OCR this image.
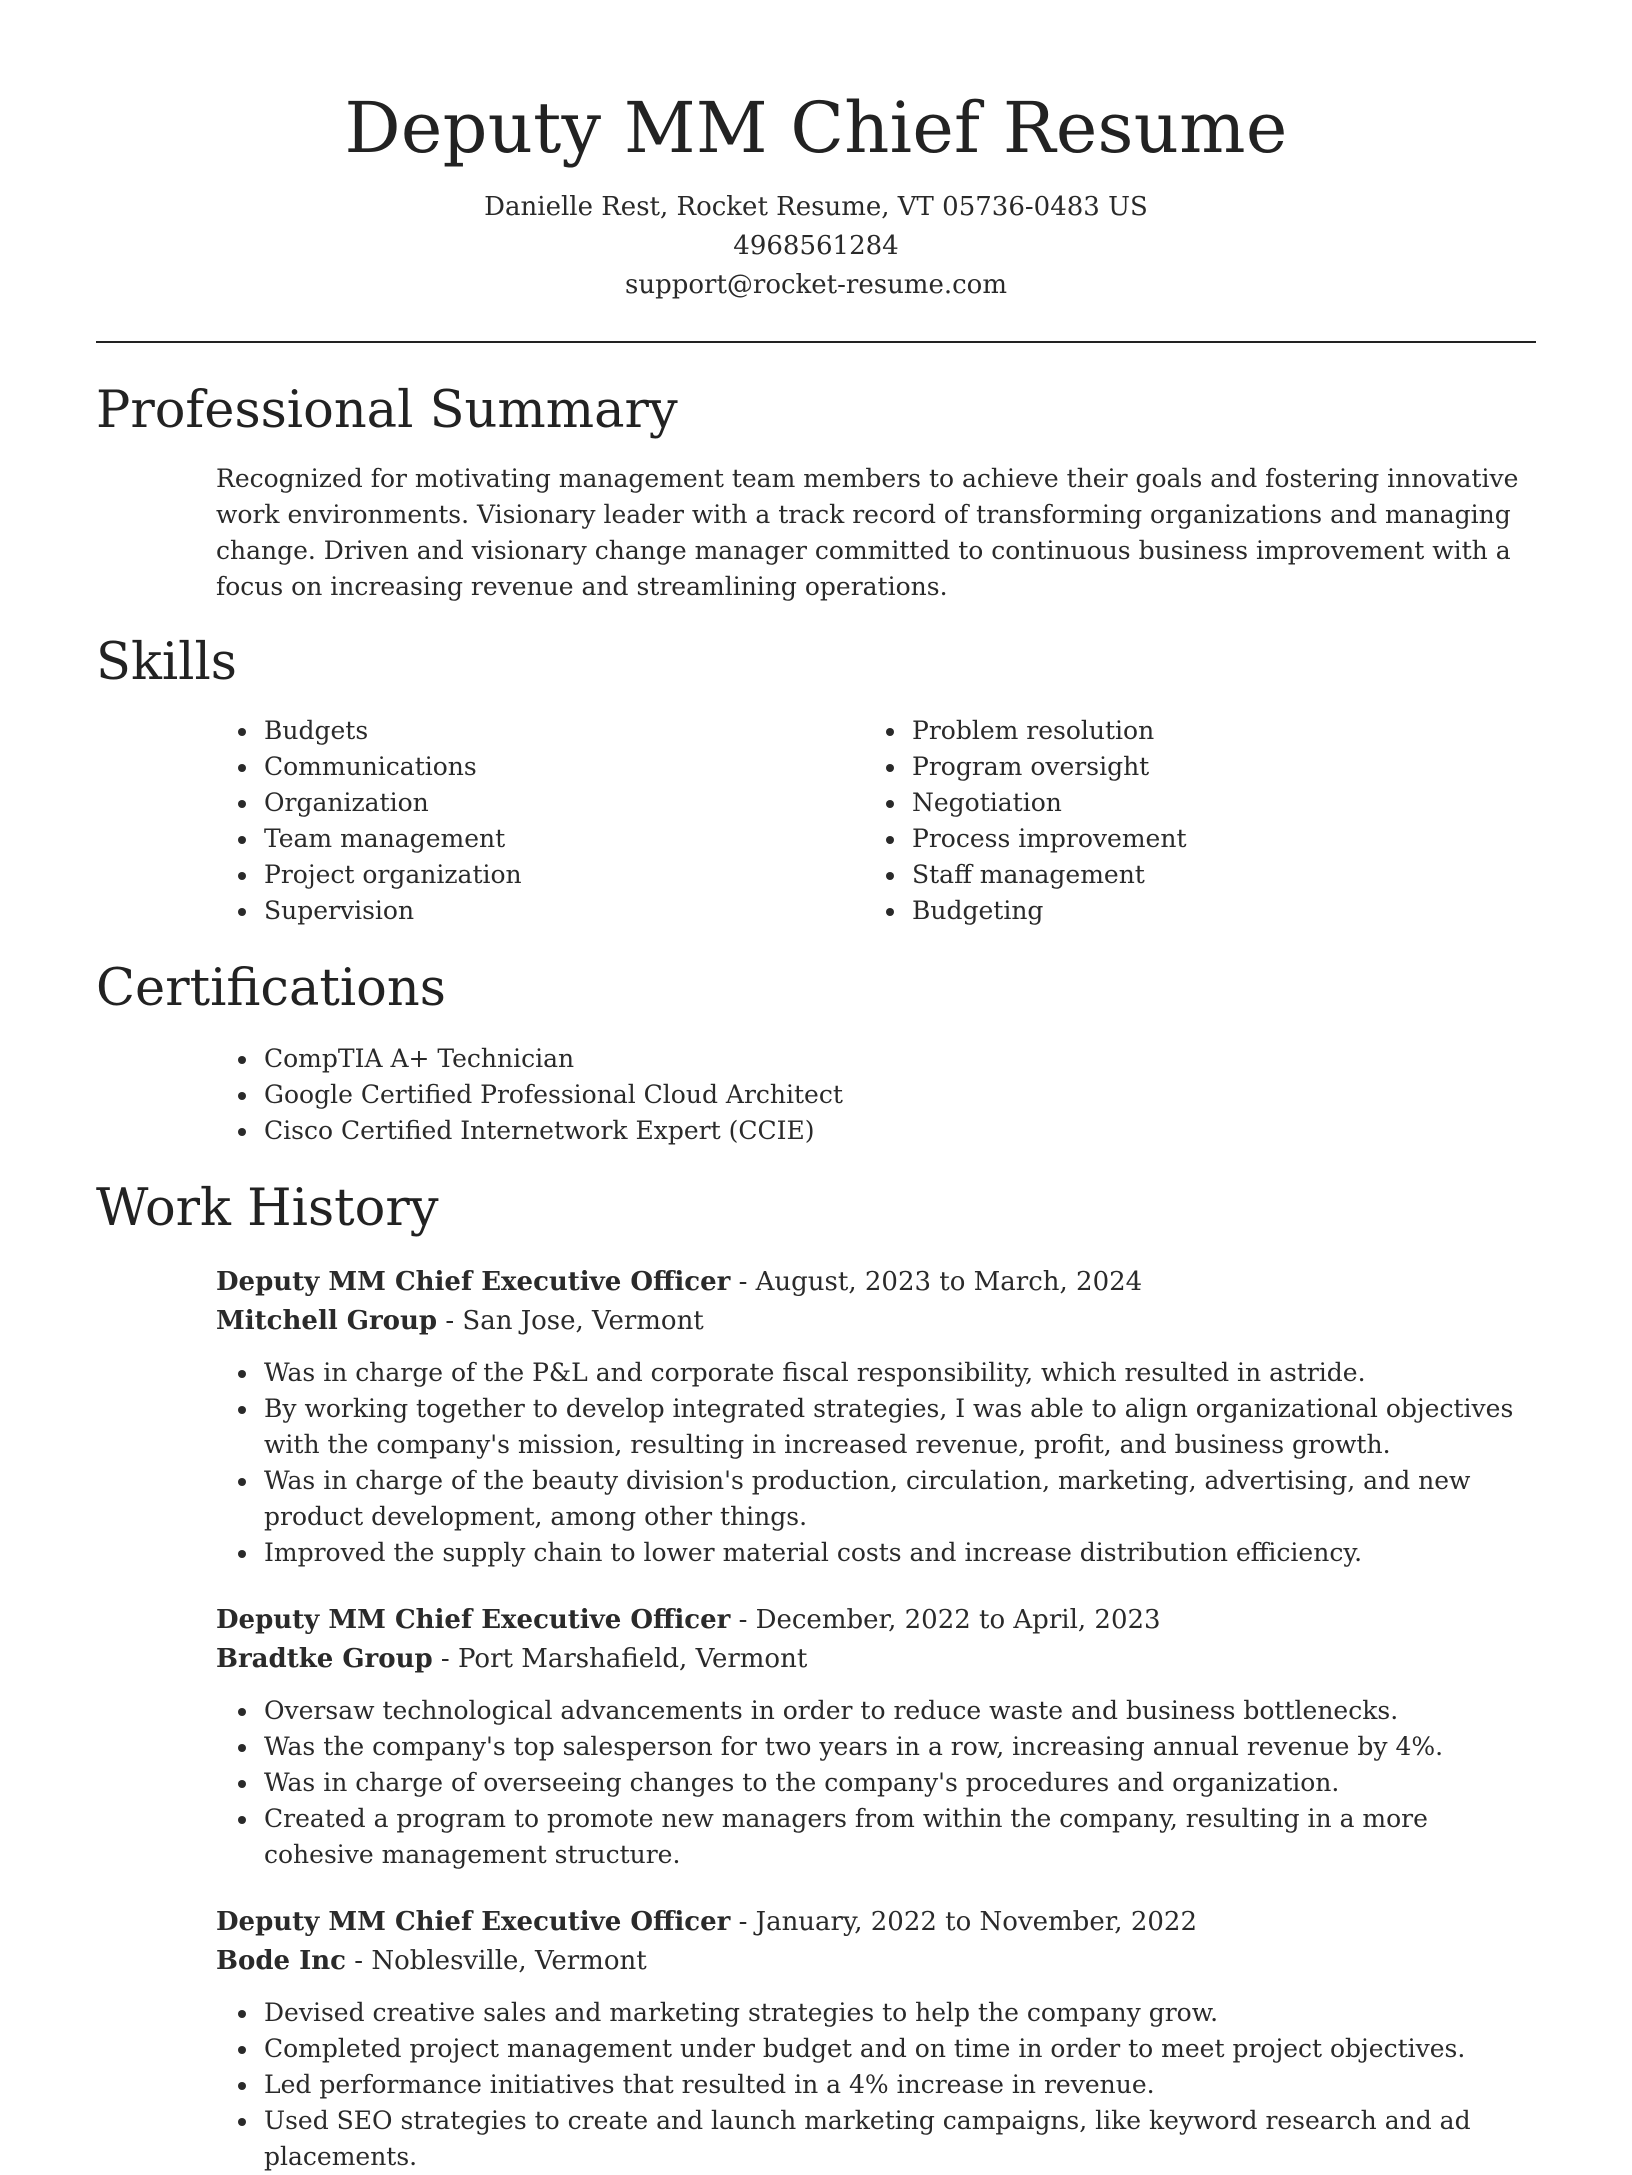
Deputy MM Chief Resume
Danielle Rest, Rocket Resume, VT 05736-0483 US
4968561284
support@rocket-resume.com
Professional Summary

Recognized for motivating management team members to achieve their goals and fostering innovative work environments. Visionary leader with a track record of transforming organizations and managing change. Driven and visionary change manager committed to continuous business improvement with a focus on increasing revenue and streamlining operations.

Skills
• Budgets
• Communications
• Organization
• Team management
• Project organization
• Supervision
• Problem resolution
• Program oversight
• Negotiation
• Process improvement
• Staff management
• Budgeting
Certifications
• CompTIA A+ Technician
• Google Certified Professional Cloud Architect
• Cisco Certified Internetwork Expert (CCIE)
Work History
Deputy MM Chief Executive Officer - August, 2023 to March, 2024
Mitchell Group - San Jose, Vermont
• Was in charge of the P&L and corporate fiscal responsibility, which resulted in astride.
• By working together to develop integrated strategies, I was able to align organizational objectives with the company's mission, resulting in increased revenue, profit, and business growth.
• Was in charge of the beauty division's production, circulation, marketing, advertising, and new product development, among other things.
• Improved the supply chain to lower material costs and increase distribution efficiency.
Deputy MM Chief Executive Officer - December, 2022 to April, 2023
Bradtke Group - Port Marshafield, Vermont
• Oversaw technological advancements in order to reduce waste and business bottlenecks.
• Was the company's top salesperson for two years in a row, increasing annual revenue by 4%.
• Was in charge of overseeing changes to the company's procedures and organization.
• Created a program to promote new managers from within the company, resulting in a more cohesive management structure.
Deputy MM Chief Executive Officer - January, 2022 to November, 2022
Bode Inc - Noblesville, Vermont
• Devised creative sales and marketing strategies to help the company grow.
• Completed project management under budget and on time in order to meet project objectives.
• Led performance initiatives that resulted in a 4% increase in revenue.
• Used SEO strategies to create and launch marketing campaigns, like keyword research and ad placements.
